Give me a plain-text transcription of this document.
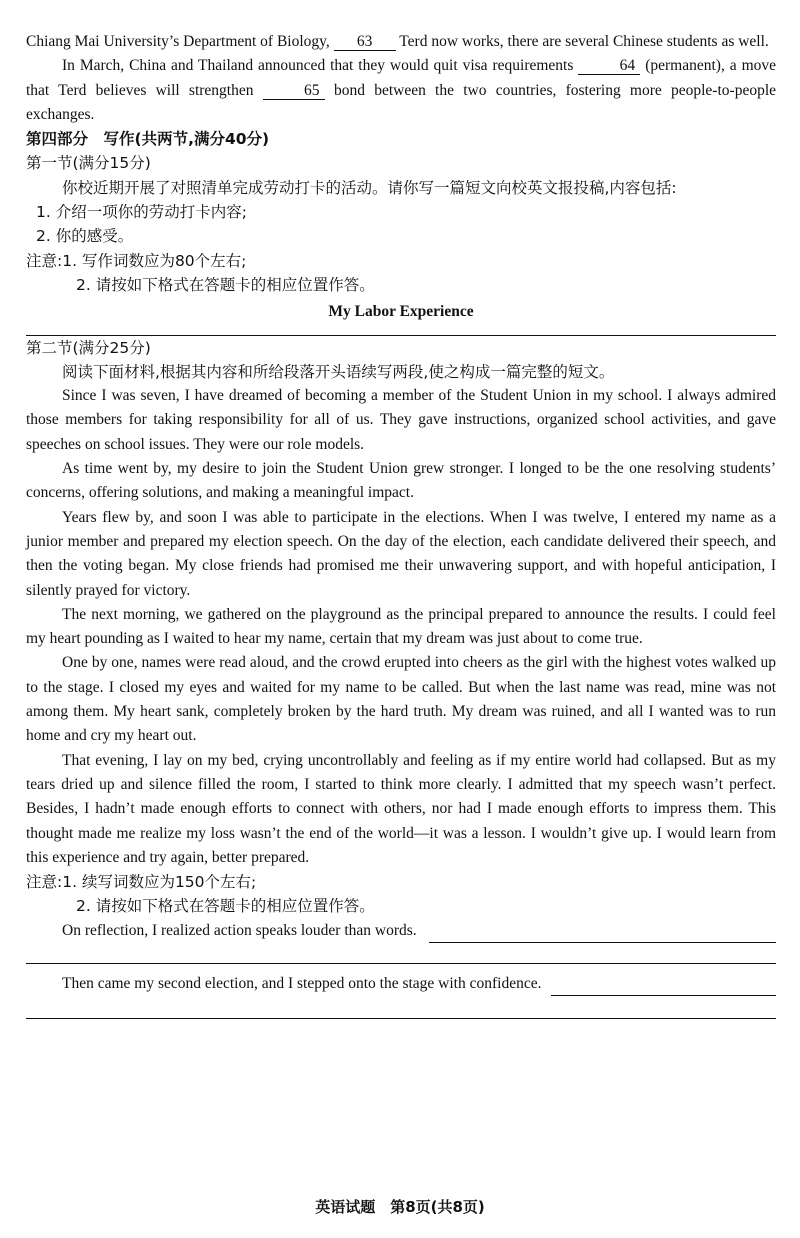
Chiang Mai University’s Department of Biology, 63 Terd now works, there are several Chinese students as well.

In March, China and Thailand announced that they would quit visa requirements	64 (permanent), a move that Terd believes will strengthen	65 bond between the two countries, fostering more people-to-people exchanges.

第四部分　写作(共两节,满分40分)
第一节(满分15分)

你校近期开展了对照清单完成劳动打卡的活动。请你写一篇短文向校英文报投稿,内容包括:

1. 介绍一项你的劳动打卡内容;
2. 你的感受。
注意:1. 写作词数应为80个左右;
2. 请按如下格式在答题卡的相应位置作答。
My Labor Experience
第二节(满分25分)

阅读下面材料,根据其内容和所给段落开头语续写两段,使之构成一篇完整的短文。

Since I was seven, I have dreamed of becoming a member of the Student Union in my school. I always admired those members for taking responsibility for all of us. They gave instructions, organized school activities, and gave speeches on school issues. They were our role models.

As time went by, my desire to join the Student Union grew stronger. I longed to be the one resolving students’ concerns, offering solutions, and making a meaningful impact.

Years flew by, and soon I was able to participate in the elections. When I was twelve, I entered my name as a junior member and prepared my election speech. On the day of the election, each candidate delivered their speech, and then the voting began. My close friends had promised me their unwavering support, and with hopeful anticipation, I silently prayed for victory.

The next morning, we gathered on the playground as the principal prepared to announce the results. I could feel my heart pounding as I waited to hear my name, certain that my dream was just about to come true.

One by one, names were read aloud, and the crowd erupted into cheers as the girl with the highest votes walked up to the stage. I closed my eyes and waited for my name to be called. But when the last name was read, mine was not among them. My heart sank, completely broken by the hard truth. My dream was ruined, and all I wanted was to run home and cry my heart out.

That evening, I lay on my bed, crying uncontrollably and feeling as if my entire world had collapsed. But as my tears dried up and silence filled the room, I started to think more clearly. I admitted that my speech wasn’t perfect. Besides, I hadn’t made enough efforts to connect with others, nor had I made enough efforts to impress them. This thought made me realize my loss wasn’t the end of the world—it was a lesson. I wouldn’t give up. I would learn from this experience and try again, better prepared.

注意:1. 续写词数应为150个左右;
2. 请按如下格式在答题卡的相应位置作答。
On reflection, I realized action speaks louder than words.
Then came my second election, and I stepped onto the stage with confidence.
英语试题　第8页(共8页)
